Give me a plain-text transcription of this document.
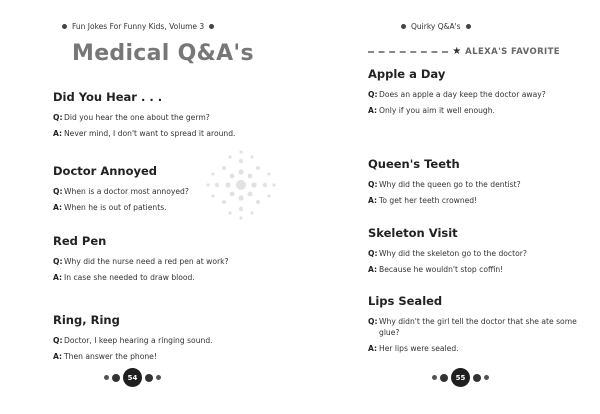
Fun Jokes For Funny Kids, Volume 3
Medical Q&A's
Did You Hear . . .
Q: Did you hear the one about the germ?
A: Never mind, I don't want to spread it around.
Doctor Annoyed
Q: When is a doctor most annoyed?
A: When he is out of patients.
Red Pen
Q: Why did the nurse need a red pen at work?
A: In case she needed to draw blood.
Ring, Ring
Q: Doctor, I keep hearing a ringing sound.
A: Then answer the phone!
54
Quirky Q&A's
★ ALEXA'S FAVORITE
Apple a Day
Q: Does an apple a day keep the doctor away?
A: Only if you aim it well enough.
Queen's Teeth
Q: Why did the queen go to the dentist?
A: To get her teeth crowned!
Skeleton Visit
Q: Why did the skeleton go to the doctor?
A: Because he wouldn't stop coffin!
Lips Sealed
Q: Why didn't the girl tell the doctor that she ate some glue?
A: Her lips were sealed.
55
